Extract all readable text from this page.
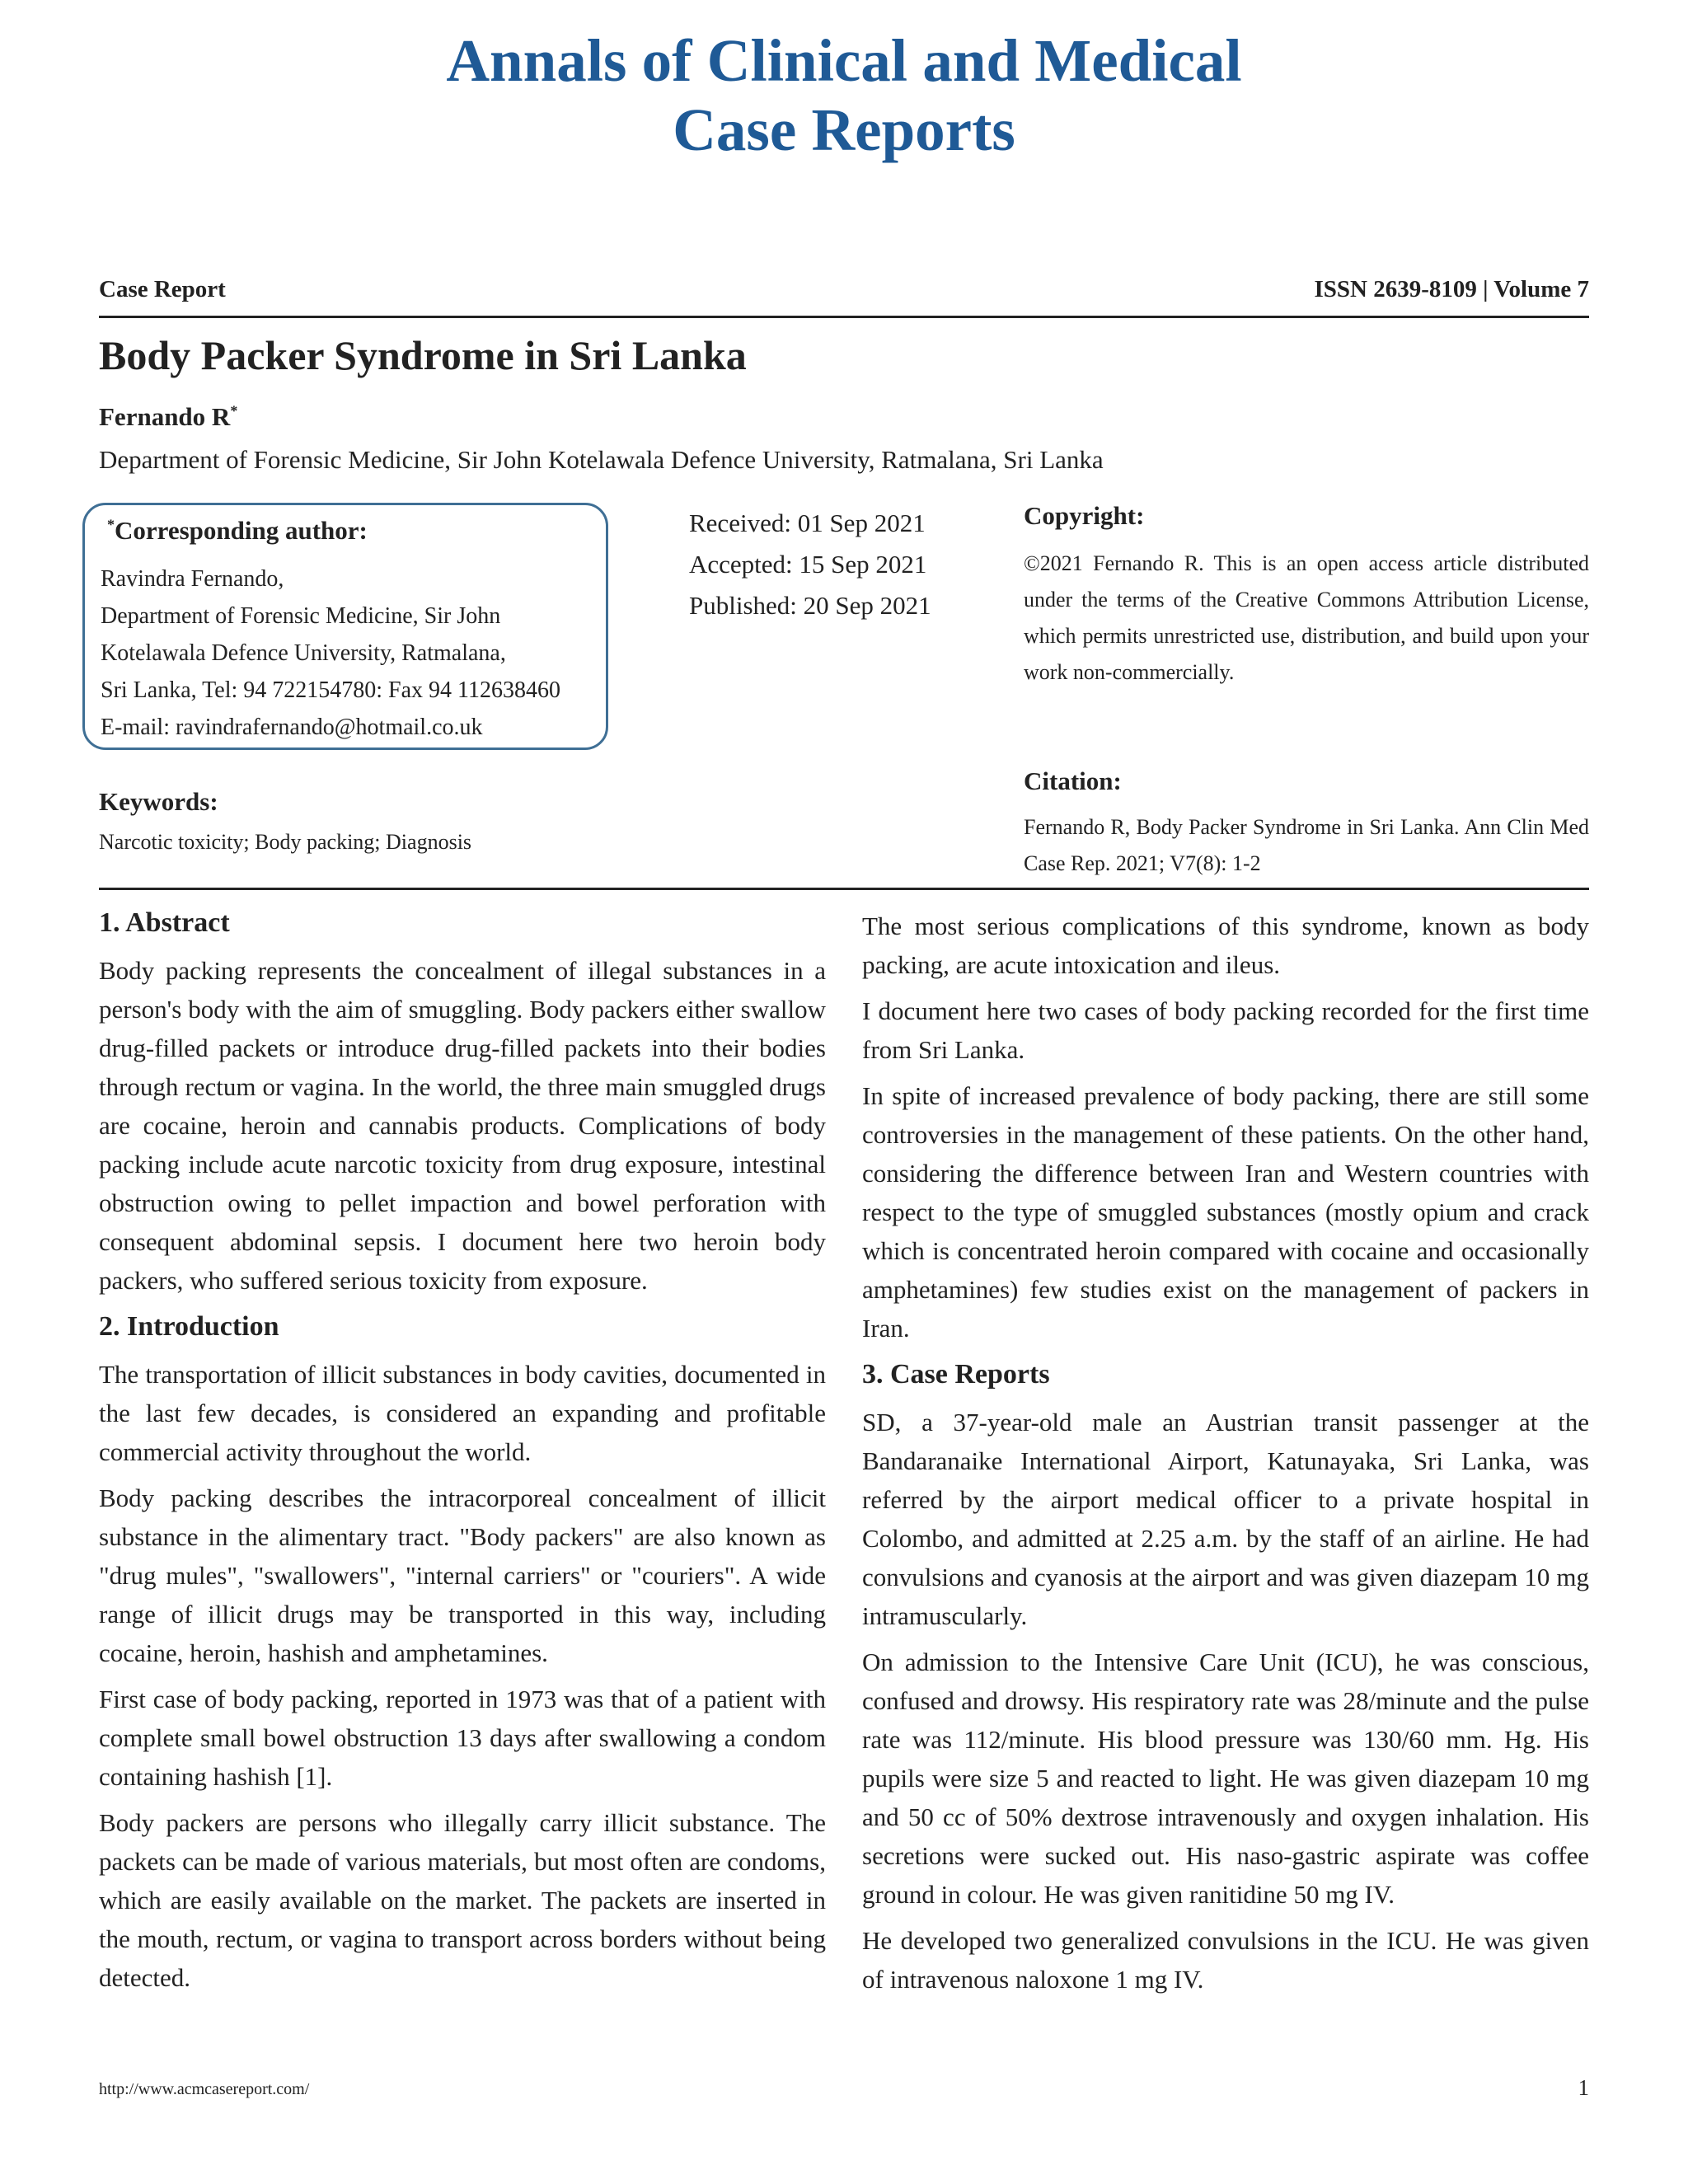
Annals of Clinical and Medical
Case Reports
Case Report	ISSN 2639-8109 | Volume 7
Body Packer Syndrome in Sri Lanka
Fernando R*
Department of Forensic Medicine, Sir John Kotelawala Defence University, Ratmalana, Sri Lanka
*Corresponding author:
Ravindra Fernando,
Department of Forensic Medicine, Sir John
Kotelawala Defence University, Ratmalana,
Sri Lanka, Tel: 94 722154780: Fax 94 112638460
E-mail: ravindrafernando@hotmail.co.uk
Received: 01 Sep 2021
Accepted: 15 Sep 2021
Published: 20 Sep 2021
Copyright:
©2021 Fernando R. This is an open access article distributed under the terms of the Creative Commons Attribution License, which permits unrestricted use, distribution, and build upon your work non-commercially.
Citation:
Fernando R, Body Packer Syndrome in Sri Lanka. Ann Clin Med Case Rep. 2021; V7(8): 1-2
Keywords:
Narcotic toxicity; Body packing; Diagnosis
1. Abstract

Body packing represents the concealment of illegal substances in a person's body with the aim of smuggling. Body packers either swallow drug-filled packets or introduce drug-filled packets into their bodies through rectum or vagina. In the world, the three main smuggled drugs are cocaine, heroin and cannabis products. Complications of body packing include acute narcotic toxicity from drug exposure, intestinal obstruction owing to pellet impaction and bowel perforation with consequent abdominal sepsis. I document here two heroin body packers, who suffered serious toxicity from exposure.

2. Introduction

The transportation of illicit substances in body cavities, documented in the last few decades, is considered an expanding and profitable commercial activity throughout the world.

Body packing describes the intracorporeal concealment of illicit substance in the alimentary tract. "Body packers" are also known as "drug mules", "swallowers", "internal carriers" or "couriers". A wide range of illicit drugs may be transported in this way, including cocaine, heroin, hashish and amphetamines.

First case of body packing, reported in 1973 was that of a patient with complete small bowel obstruction 13 days after swallowing a condom containing hashish [1].

Body packers are persons who illegally carry illicit substance. The packets can be made of various materials, but most often are condoms, which are easily available on the market. The packets are inserted in the mouth, rectum, or vagina to transport across borders without being detected.

The most serious complications of this syndrome, known as body packing, are acute intoxication and ileus.

I document here two cases of body packing recorded for the first time from Sri Lanka.

In spite of increased prevalence of body packing, there are still some controversies in the management of these patients. On the other hand, considering the difference between Iran and Western countries with respect to the type of smuggled substances (mostly opium and crack which is concentrated heroin compared with cocaine and occasionally amphetamines) few studies exist on the management of packers in Iran.

3. Case Reports

SD, a 37-year-old male an Austrian transit passenger at the Bandaranaike International Airport, Katunayaka, Sri Lanka, was referred by the airport medical officer to a private hospital in Colombo, and admitted at 2.25 a.m. by the staff of an airline. He had convulsions and cyanosis at the airport and was given diazepam 10 mg intramuscularly.

On admission to the Intensive Care Unit (ICU), he was conscious, confused and drowsy. His respiratory rate was 28/minute and the pulse rate was 112/minute. His blood pressure was 130/60 mm. Hg. His pupils were size 5 and reacted to light. He was given diazepam 10 mg and 50 cc of 50% dextrose intravenously and oxygen inhalation. His secretions were sucked out. His naso-gastric aspirate was coffee ground in colour. He was given ranitidine 50 mg IV.

He developed two generalized convulsions in the ICU. He was given of intravenous naloxone 1 mg IV.

http://www.acmcasereport.com/	1
